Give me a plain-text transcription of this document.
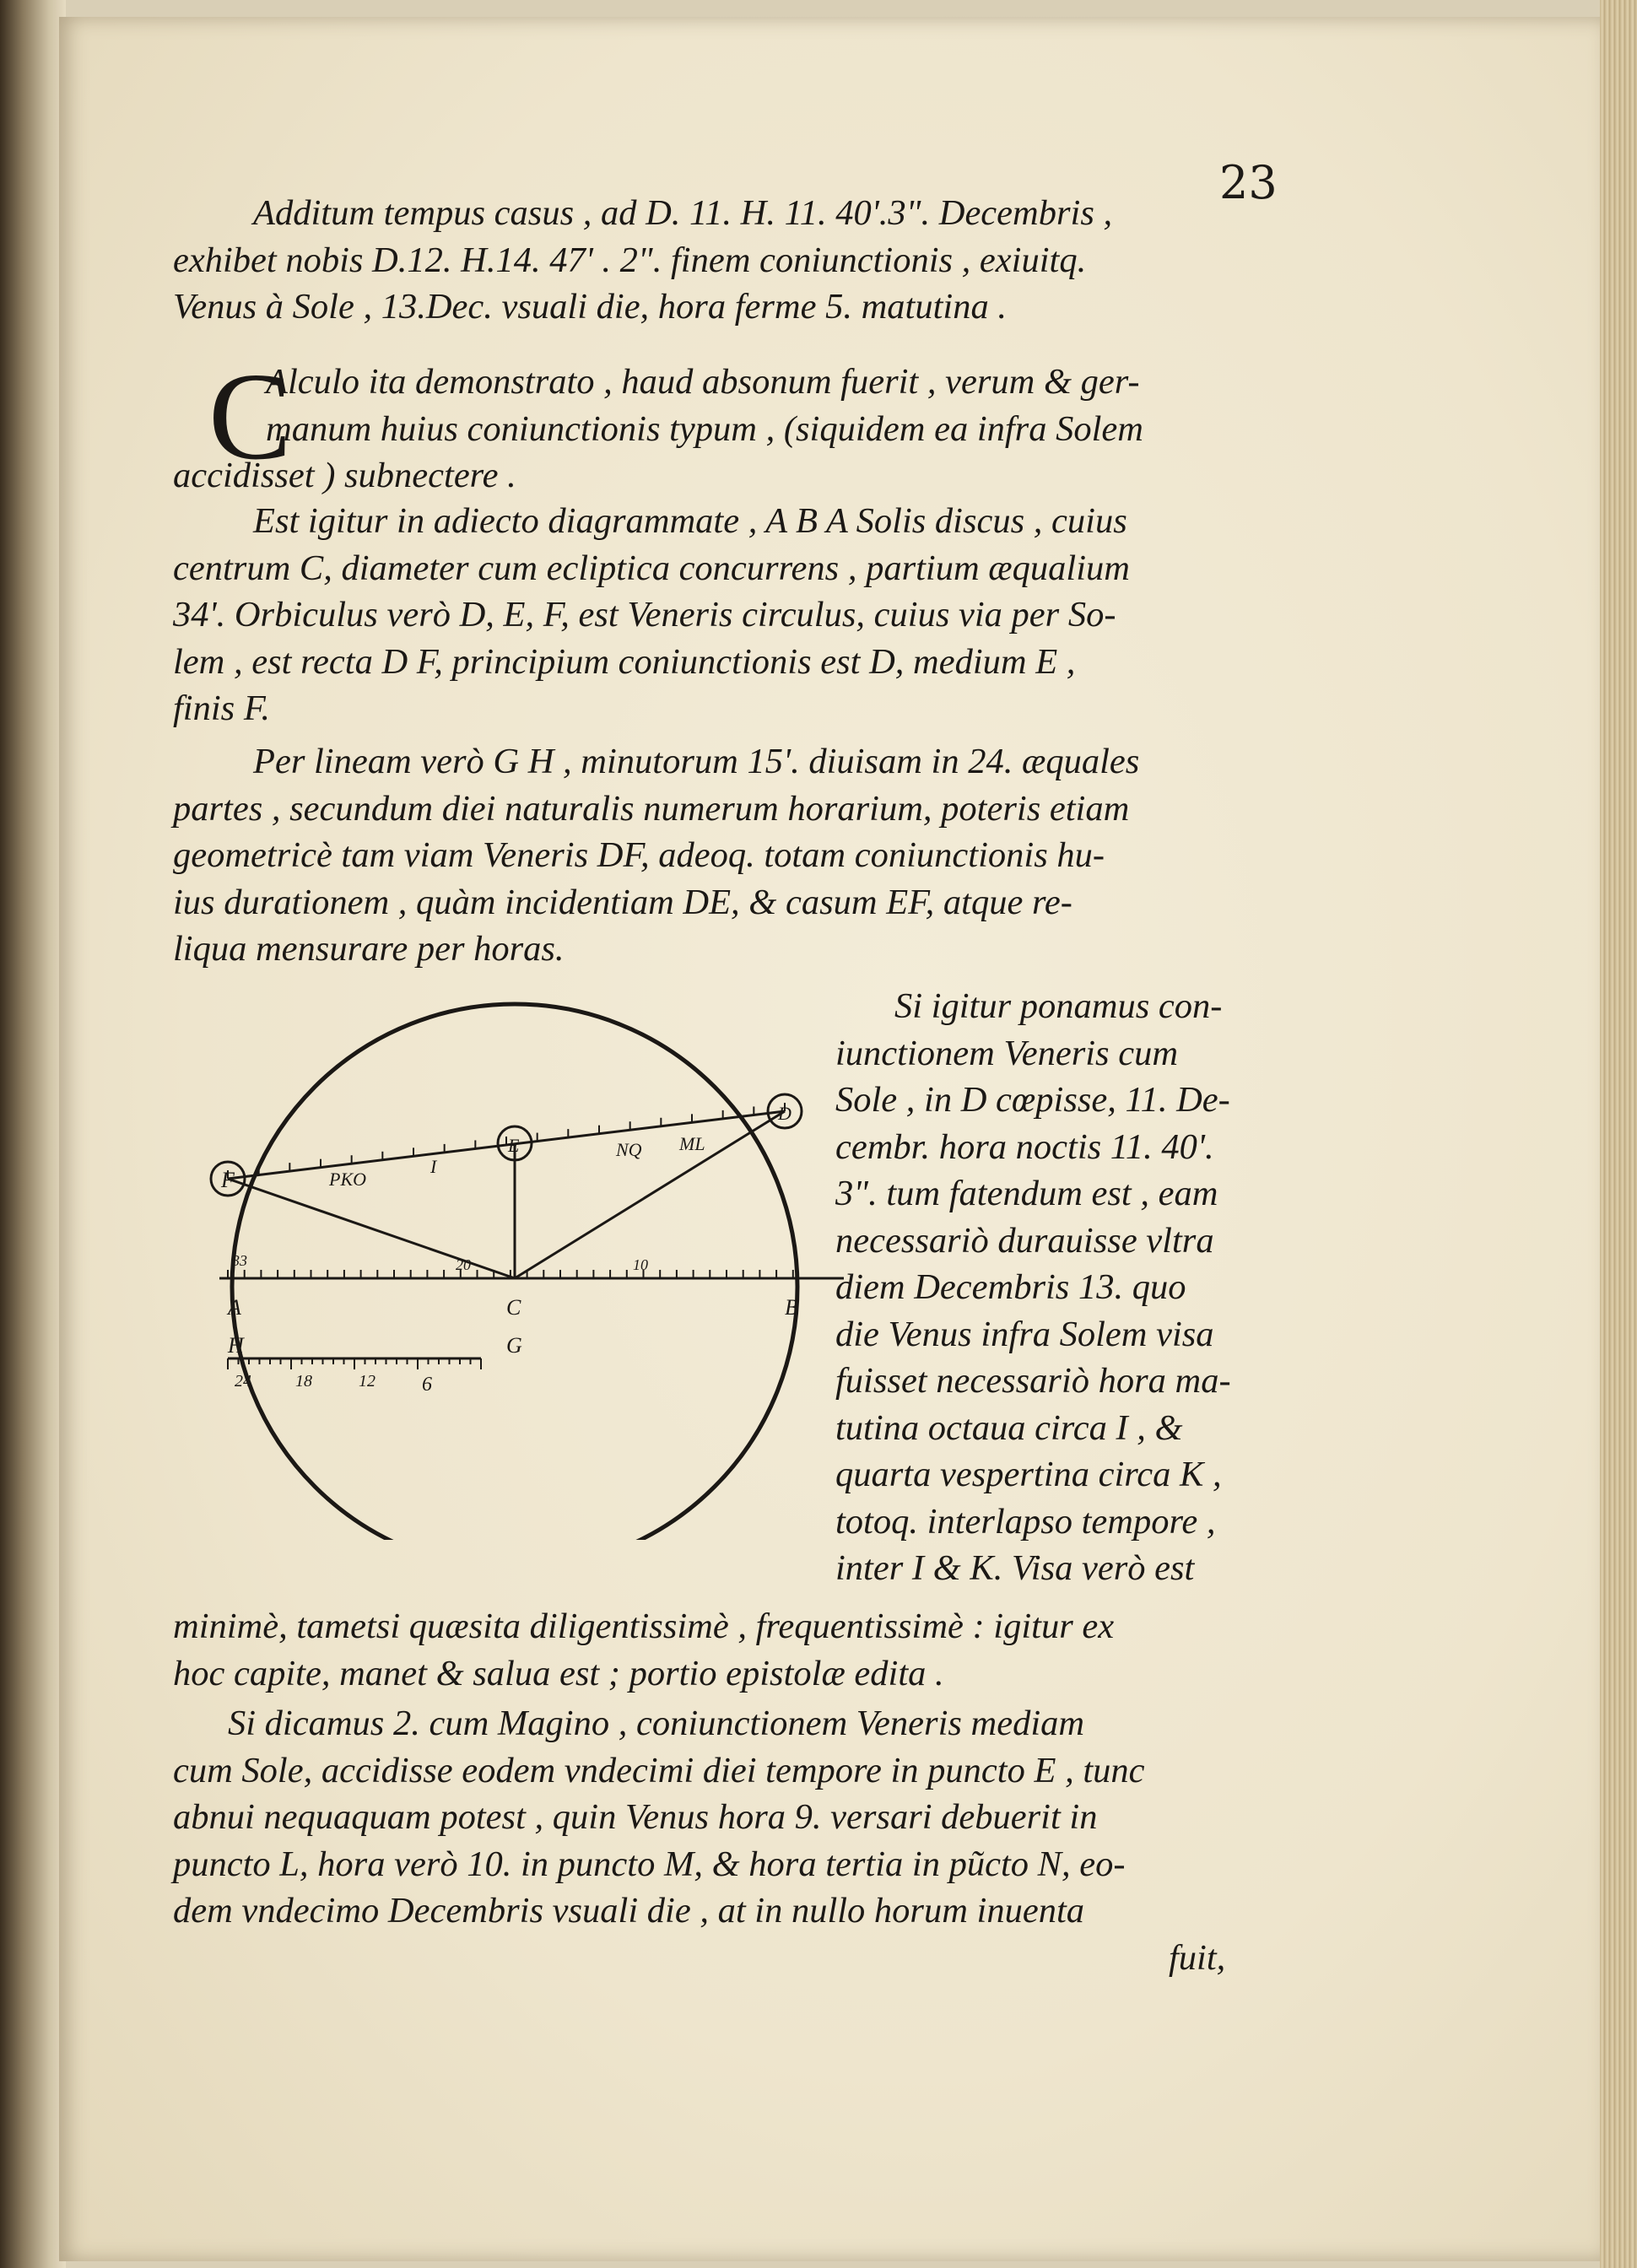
23
Additum tempus casus , ad D. 11. H. 11. 40'.3". Decembris ,
exhibet nobis D.12. H.14. 47' . 2". finem coniunctionis , exiuitq.
Venus à Sole , 13.Dec. vsuali die, hora ferme 5. matutina .
C
Alculo ita demonstrato , haud absonum fuerit , verum & ger-
manum huius coniunctionis typum , (siquidem ea infra Solem
accidisset ) subnectere .
Est igitur in adiecto diagrammate , A B A Solis discus , cuius
centrum C, diameter cum ecliptica concurrens , partium æqualium
34'. Orbiculus verò D, E, F, est Veneris circulus, cuius via per So-
lem , est recta D F, principium coniunctionis est D, medium E ,
finis F.
Per lineam verò G H , minutorum 15'. diuisam in 24. æquales
partes , secundum diei naturalis numerum horarium, poteris etiam
geometricè tam viam Veneris DF, adeoq. totam coniunctionis hu-
ius durationem , quàm incidentiam DE, & casum EF, atque re-
liqua mensurare per horas.
F
E
D
A	C	B
H	G
PKO
I
NQ ML
33	20	10
24	18	12 6
Si igitur ponamus con-
iunctionem Veneris cum
Sole , in D cœpisse, 11. De-
cembr. hora noctis 11. 40'.
3". tum fatendum est , eam
necessariò durauisse vltra
diem Decembris 13. quo
die Venus infra Solem visa
fuisset necessariò hora ma-
tutina octaua circa I , &
quarta vespertina circa K ,
totoq. interlapso tempore ,
inter I & K. Visa verò est
minimè, tametsi quæsita diligentissimè , frequentissimè : igitur ex
hoc capite, manet & salua est ; portio epistolæ edita .
Si dicamus 2. cum Magino , coniunctionem Veneris mediam
cum Sole, accidisse eodem vndecimi diei tempore in puncto E , tunc
abnui nequaquam potest , quin Venus hora 9. versari debuerit in
puncto L, hora verò 10. in puncto M, & hora tertia in pũcto N, eo-
dem vndecimo Decembris vsuali die , at in nullo horum inuenta
fuit,
